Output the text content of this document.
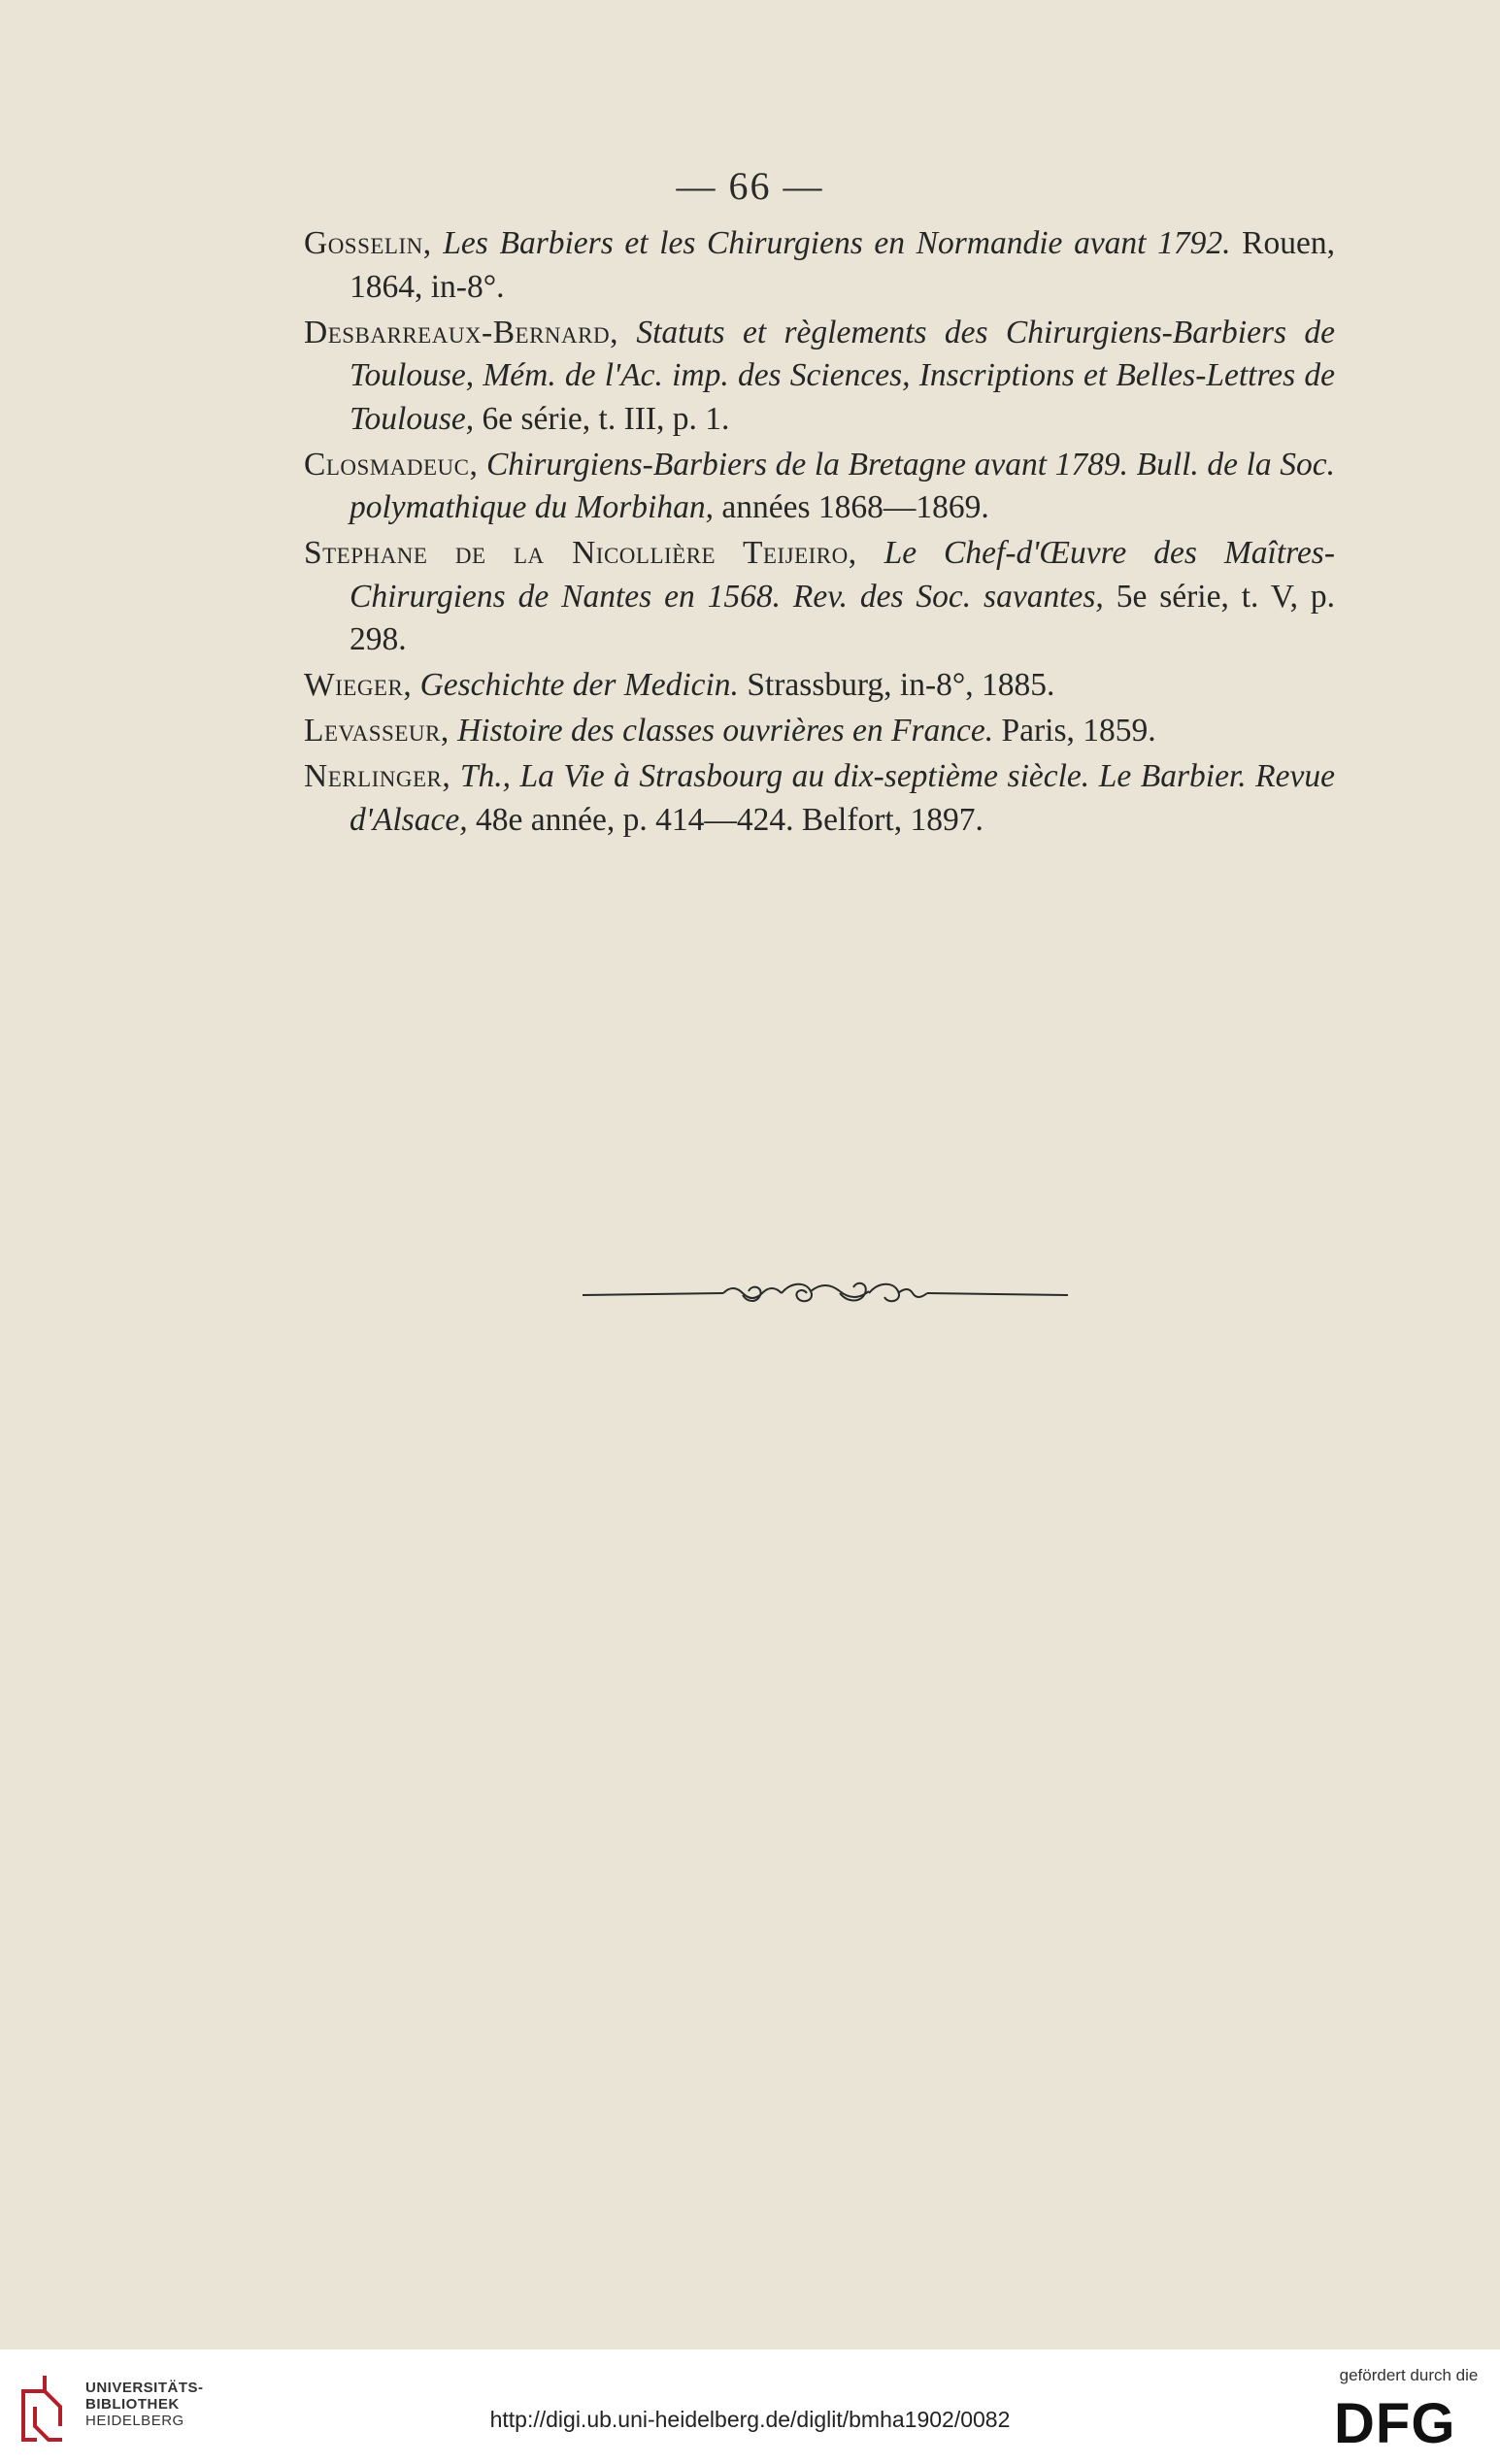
— 66 —

Gosselin, Les Barbiers et les Chirurgiens en Normandie avant 1792. Rouen, 1864, in-8°.

Desbarreaux-Bernard, Statuts et règlements des Chirurgiens-Barbiers de Toulouse, Mém. de l'Ac. imp. des Sciences, Inscriptions et Belles-Lettres de Toulouse, 6e série, t. III, p. 1.

Closmadeuc, Chirurgiens-Barbiers de la Bretagne avant 1789. Bull. de la Soc. polymathique du Morbihan, années 1868—1869.

Stephane de la Nicollière Teijeiro, Le Chef-d'Œuvre des Maîtres-Chirurgiens de Nantes en 1568. Rev. des Soc. savantes, 5e série, t. V, p. 298.

Wieger, Geschichte der Medicin. Strassburg, in-8°, 1885.

Levasseur, Histoire des classes ouvrières en France. Paris, 1859.

Nerlinger, Th., La Vie à Strasbourg au dix-septième siècle. Le Barbier. Revue d'Alsace, 48e année, p. 414—424. Belfort, 1897.

UNIVERSITÄTS-
BIBLIOTHEK
HEIDELBERG	http://digi.ub.uni-heidelberg.de/diglit/bmha1902/0082
gefördert durch die
DFG
